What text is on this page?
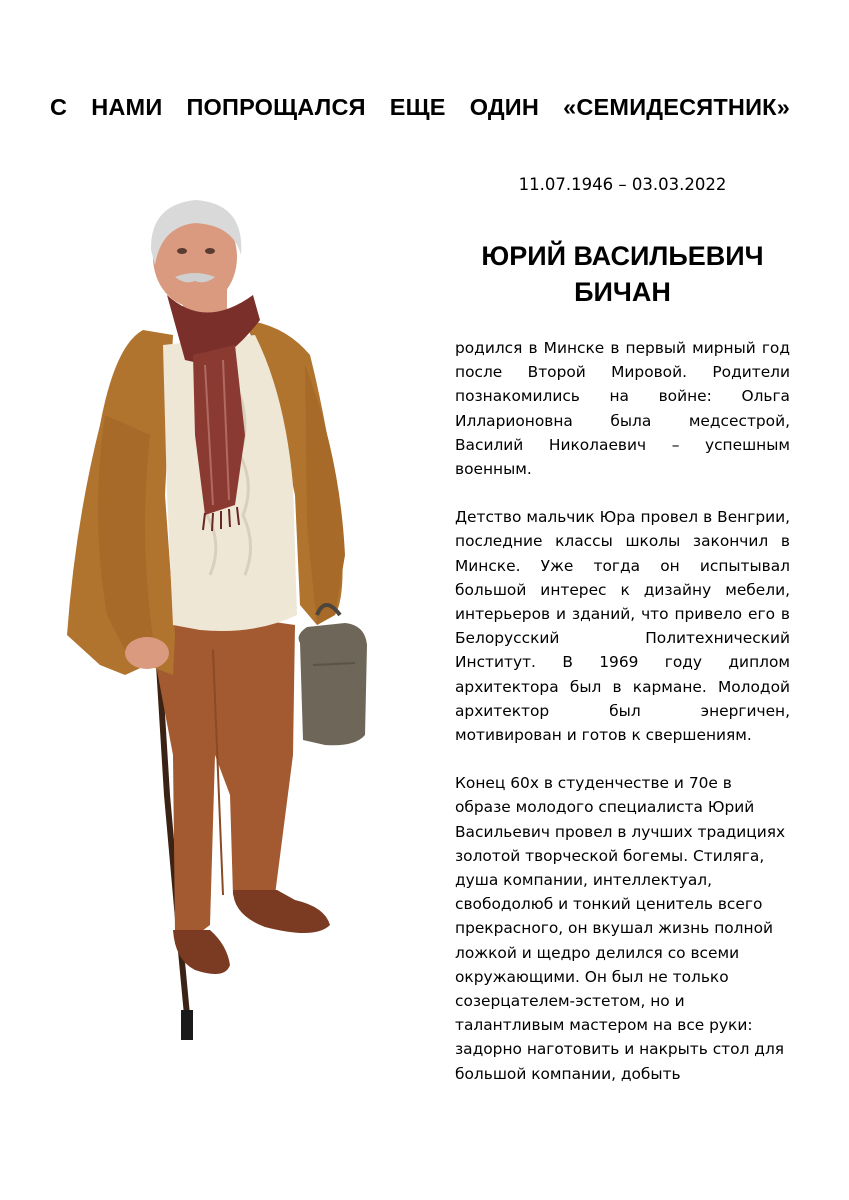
С НАМИ ПОПРОЩАЛСЯ ЕЩЕ ОДИН «СЕМИДЕСЯТНИК»
11.07.1946 – 03.03.2022
ЮРИЙ ВАСИЛЬЕВИЧ
БИЧАН

родился в Минске в первый мирный год после Второй Мировой. Родители познакомились на войне: Ольга Илларионовна была медсестрой, Василий Николаевич – успешным военным.

Детство мальчик Юра провел в Венгрии, последние классы школы закончил в Минске. Уже тогда он испытывал большой интерес к дизайну мебели, интерьеров и зданий, что привело его в Белорусский Политехнический Институт. В 1969 году диплом архитектора был в кармане. Молодой архитектор был энергичен, мотивирован и готов к свершениям.

Конец 60х в студенчестве и 70е в образе молодого специалиста Юрий Васильевич провел в лучших традициях золотой творческой богемы. Стиляга, душа компании, интеллектуал, свободолюб и тонкий ценитель всего прекрасного, он вкушал жизнь полной ложкой и щедро делился со всеми окружающими. Он был не только созерцателем-эстетом, но и талантливым мастером на все руки: задорно наготовить и накрыть стол для большой компании, добыть
